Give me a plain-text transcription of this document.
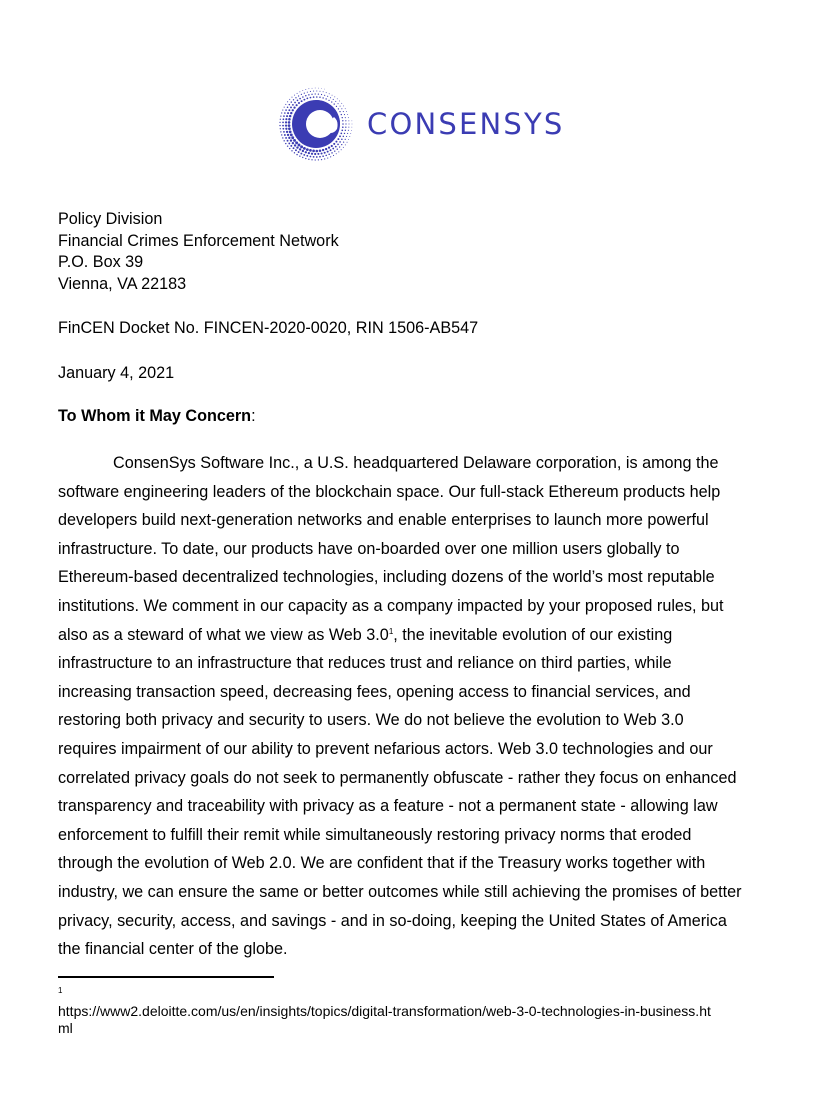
CONSENSYS
Policy Division
Financial Crimes Enforcement Network
P.O. Box 39
Vienna, VA 22183
FinCEN Docket No. FINCEN-2020-0020, RIN 1506-AB547
January 4, 2021
To Whom it May Concern:
ConsenSys Software Inc., a U.S. headquartered Delaware corporation, is among the
software engineering leaders of the blockchain space. Our full-stack Ethereum products help
developers build next-generation networks and enable enterprises to launch more powerful
infrastructure. To date, our products have on-boarded over one million users globally to
Ethereum-based decentralized technologies, including dozens of the world’s most reputable
institutions. We comment in our capacity as a company impacted by your proposed rules, but
also as a steward of what we view as Web $3.0^1$, the inevitable evolution of our existing
infrastructure to an infrastructure that reduces trust and reliance on third parties, while
increasing transaction speed, decreasing fees, opening access to financial services, and
restoring both privacy and security to users. We do not believe the evolution to Web 3.0
requires impairment of our ability to prevent nefarious actors. Web 3.0 technologies and our
correlated privacy goals do not seek to permanently obfuscate - rather they focus on enhanced
transparency and traceability with privacy as a feature - not a permanent state - allowing law
enforcement to fulfill their remit while simultaneously restoring privacy norms that eroded
through the evolution of Web 2.0. We are confident that if the Treasury works together with
industry, we can ensure the same or better outcomes while still achieving the promises of better
privacy, security, access, and savings - and in so-doing, keeping the United States of America
the financial center of the globe.
1
https://www2.deloitte.com/us/en/insights/topics/digital-transformation/web-3-0-technologies-in-business.ht
ml
